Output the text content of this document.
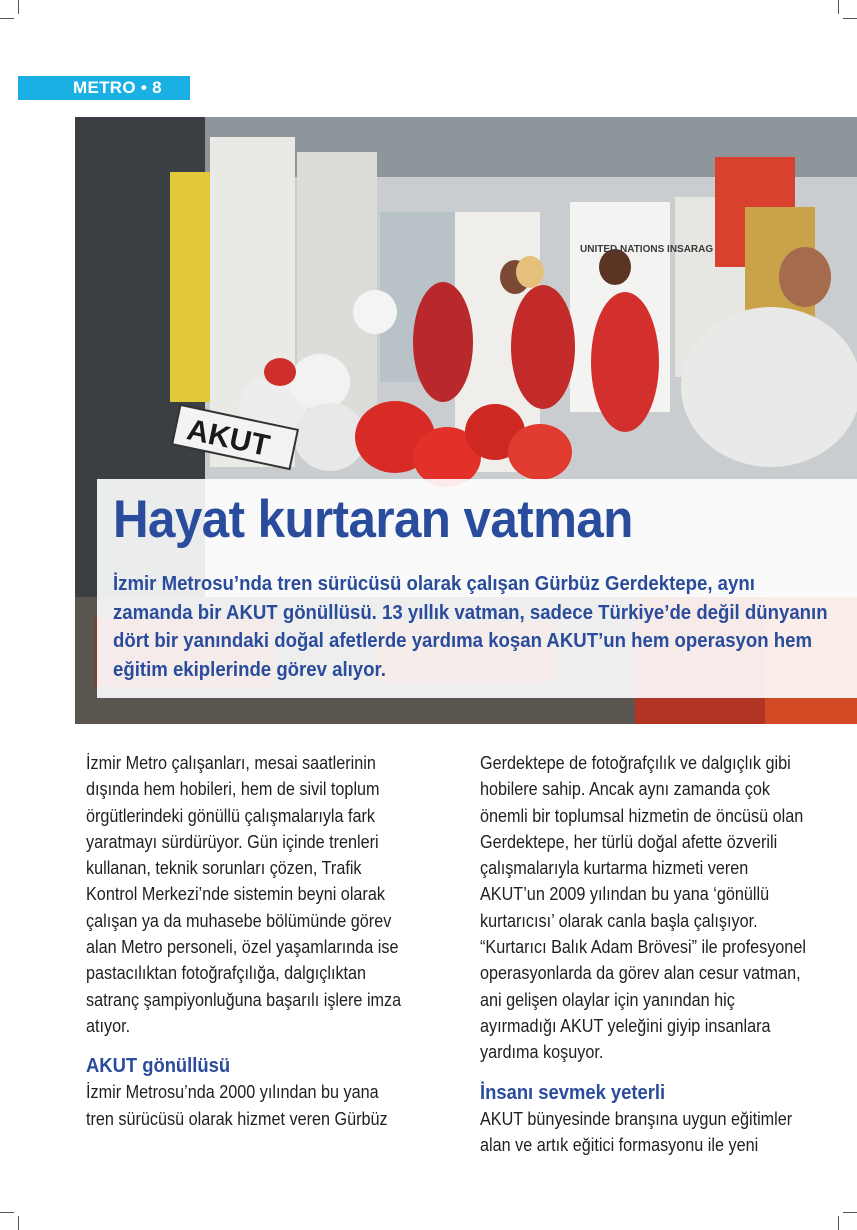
METRO • 8
AKUT
UNITED NATIONS INSARAG
Hayat kurtaran vatman
İzmir Metrosu’nda tren sürücüsü olarak çalışan Gürbüz Gerdektepe, aynı
zamanda bir AKUT gönüllüsü. 13 yıllık vatman, sadece Türkiye’de değil dünyanın
dört bir yanındaki doğal afetlerde yardıma koşan AKUT’un hem operasyon hem
eğitim ekiplerinde görev alıyor.
İzmir Metro çalışanları, mesai saatlerinin
dışında hem hobileri, hem de sivil toplum
örgütlerindeki gönüllü çalışmalarıyla fark
yaratmayı sürdürüyor. Gün içinde trenleri
kullanan, teknik sorunları çözen, Trafik
Kontrol Merkezi’nde sistemin beyni olarak
çalışan ya da muhasebe bölümünde görev
alan Metro personeli, özel yaşamlarında ise
pastacılıktan fotoğrafçılığa, dalgıçlıktan
satranç şampiyonluğuna başarılı işlere imza
atıyor.
AKUT gönüllüsü
İzmir Metrosu’nda 2000 yılından bu yana
tren sürücüsü olarak hizmet veren Gürbüz
Gerdektepe de fotoğrafçılık ve dalgıçlık gibi
hobilere sahip. Ancak aynı zamanda çok
önemli bir toplumsal hizmetin de öncüsü olan
Gerdektepe, her türlü doğal afette özverili
çalışmalarıyla kurtarma hizmeti veren
AKUT’un 2009 yılından bu yana ‘gönüllü
kurtarıcısı’ olarak canla başla çalışıyor.
“Kurtarıcı Balık Adam Brövesi” ile profesyonel
operasyonlarda da görev alan cesur vatman,
ani gelişen olaylar için yanından hiç
ayırmadığı AKUT yeleğini giyip insanlara
yardıma koşuyor.
İnsanı sevmek yeterli
AKUT bünyesinde branşına uygun eğitimler
alan ve artık eğitici formasyonu ile yeni
